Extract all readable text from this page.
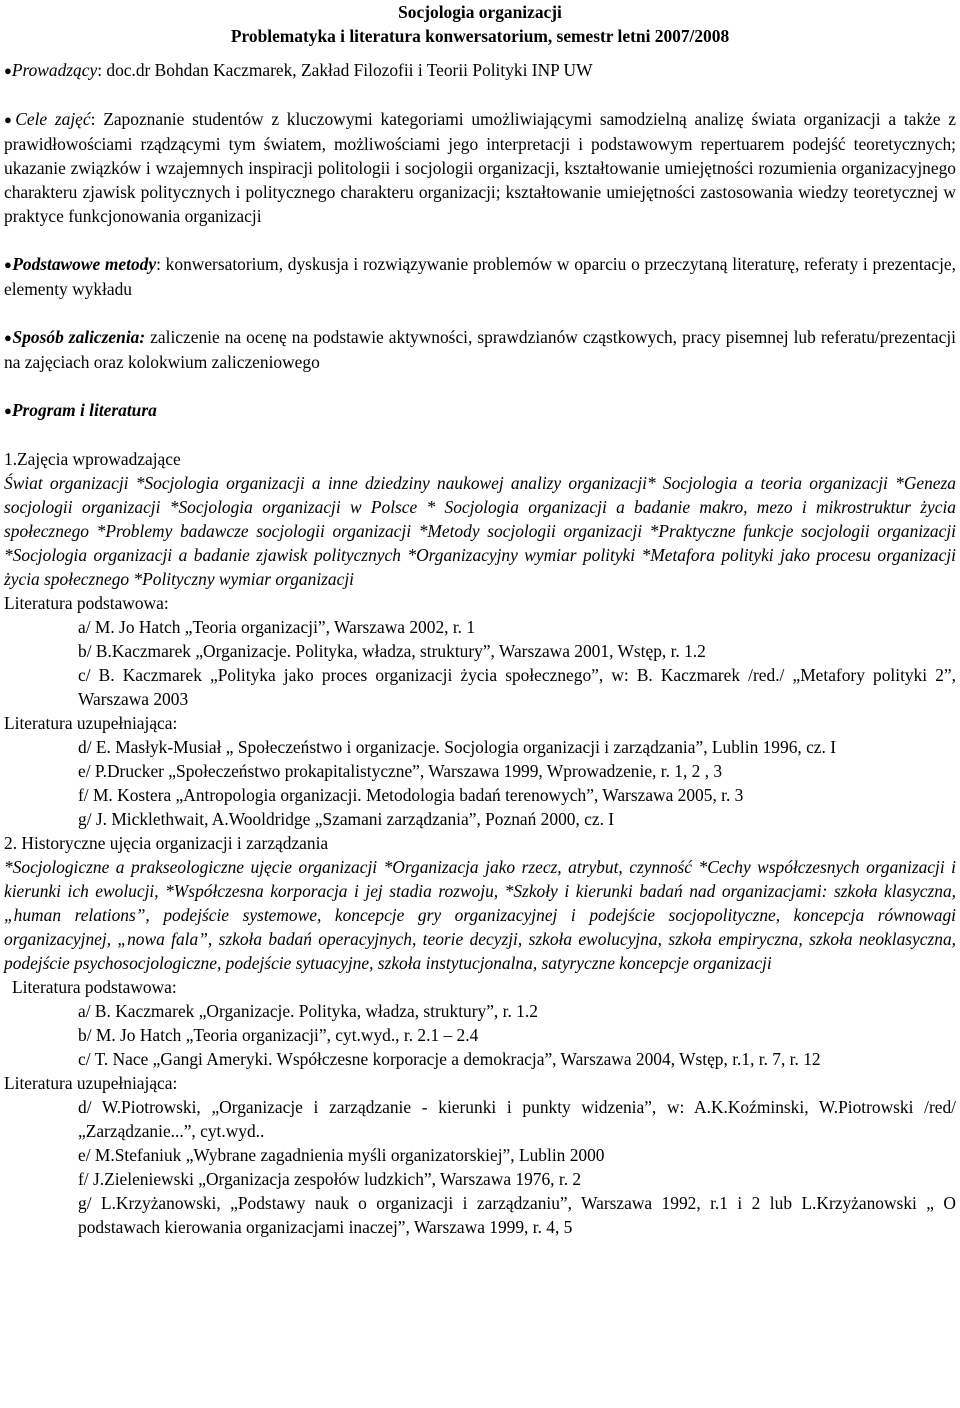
Socjologia organizacji
Problematyka i literatura konwersatorium, semestr letni 2007/2008

● Prowadzący: doc.dr Bohdan Kaczmarek, Zakład Filozofii i Teorii Polityki INP UW

● Cele zajęć: Zapoznanie studentów z kluczowymi kategoriami umożliwiającymi samodzielną analizę świata organizacji a także z prawidłowościami rządzącymi tym światem, możliwościami jego interpretacji i podstawowym repertuarem podejść teoretycznych; ukazanie związków i wzajemnych inspiracji politologii i socjologii organizacji, kształtowanie umiejętności rozumienia organizacyjnego charakteru zjawisk politycznych i politycznego charakteru organizacji; kształtowanie umiejętności zastosowania wiedzy teoretycznej w praktyce funkcjonowania organizacji

● Podstawowe metody: konwersatorium, dyskusja i rozwiązywanie problemów w oparciu o przeczytaną literaturę, referaty i prezentacje, elementy wykładu

● Sposób zaliczenia: zaliczenie na ocenę na podstawie aktywności, sprawdzianów cząstkowych, pracy pisemnej lub referatu/prezentacji na zajęciach oraz kolokwium zaliczeniowego

● Program i literatura

1.Zajęcia wprowadzające

Świat organizacji *Socjologia organizacji a inne dziedziny naukowej analizy organizacji* Socjologia a teoria organizacji *Geneza socjologii organizacji *Socjologia organizacji w Polsce * Socjologia organizacji a badanie makro, mezo i mikrostruktur życia społecznego *Problemy badawcze socjologii organizacji *Metody socjologii organizacji *Praktyczne funkcje socjologii organizacji *Socjologia organizacji a badanie zjawisk politycznych *Organizacyjny wymiar polityki *Metafora polityki jako procesu organizacji życia społecznego *Polityczny wymiar organizacji

Literatura podstawowa:

a/ M. Jo Hatch „Teoria organizacji”, Warszawa 2002, r. 1

b/ B.Kaczmarek „Organizacje. Polityka, władza, struktury”, Warszawa 2001, Wstęp, r. 1.2

c/ B. Kaczmarek „Polityka jako proces organizacji życia społecznego”, w: B. Kaczmarek /red./ „Metafory polityki 2”, Warszawa 2003

Literatura uzupełniająca:

d/ E. Masłyk-Musiał „ Społeczeństwo i organizacje. Socjologia organizacji i zarządzania”, Lublin 1996, cz. I

e/ P.Drucker „Społeczeństwo prokapitalistyczne”, Warszawa 1999, Wprowadzenie, r. 1, 2 , 3

f/ M. Kostera „Antropologia organizacji. Metodologia badań terenowych”, Warszawa 2005, r. 3

g/ J. Micklethwait, A.Wooldridge „Szamani zarządzania”, Poznań 2000, cz. I

2. Historyczne ujęcia organizacji i zarządzania

*Socjologiczne a prakseologiczne ujęcie organizacji *Organizacja jako rzecz, atrybut, czynność *Cechy współczesnych organizacji i kierunki ich ewolucji, *Współczesna korporacja i jej stadia rozwoju, *Szkoły i kierunki badań nad organizacjami: szkoła klasyczna, „human relations”, podejście systemowe, koncepcje gry organizacyjnej i podejście socjopolityczne, koncepcja równowagi organizacyjnej, „nowa fala”, szkoła badań operacyjnych, teorie decyzji, szkoła ewolucyjna, szkoła empiryczna, szkoła neoklasyczna, podejście psychosocjologiczne, podejście sytuacyjne, szkoła instytucjonalna, satyryczne koncepcje organizacji

Literatura podstawowa:

a/ B. Kaczmarek „Organizacje. Polityka, władza, struktury”, r. 1.2

b/ M. Jo Hatch „Teoria organizacji”, cyt.wyd., r. 2.1 – 2.4

c/ T. Nace „Gangi Ameryki. Współczesne korporacje a demokracja”, Warszawa 2004, Wstęp, r.1, r. 7, r. 12

Literatura uzupełniająca:

d/ W.Piotrowski, „Organizacje i zarządzanie - kierunki i punkty widzenia”, w: A.K.Koźminski, W.Piotrowski /red/ „Zarządzanie...”, cyt.wyd..

e/ M.Stefaniuk „Wybrane zagadnienia myśli organizatorskiej”, Lublin 2000

f/ J.Zieleniewski „Organizacja zespołów ludzkich”, Warszawa 1976, r. 2

g/ L.Krzyżanowski, „Podstawy nauk o organizacji i zarządzaniu”, Warszawa 1992, r.1 i 2 lub L.Krzyżanowski „ O podstawach kierowania organizacjami inaczej”, Warszawa 1999, r. 4, 5
